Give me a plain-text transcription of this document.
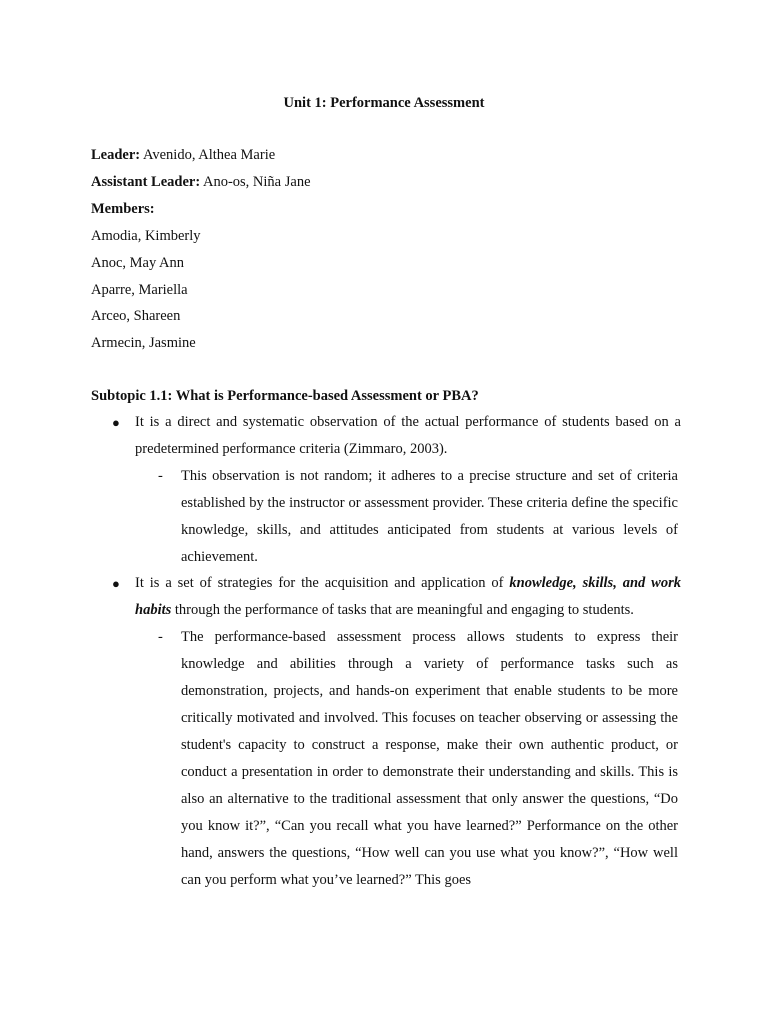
Unit 1: Performance Assessment
Leader: Avenido, Althea Marie
Assistant Leader: Ano-os, Niña Jane
Members:
Amodia, Kimberly
Anoc, May Ann
Aparre, Mariella
Arceo, Shareen
Armecin, Jasmine
Subtopic 1.1: What is Performance-based Assessment or PBA?
● It is a direct and systematic observation of the actual performance of students based on a predetermined performance criteria (Zimmaro, 2003).
- This observation is not random; it adheres to a precise structure and set of criteria established by the instructor or assessment provider. These criteria define the specific knowledge, skills, and attitudes anticipated from students at various levels of achievement.
● It is a set of strategies for the acquisition and application of knowledge, skills, and work habits through the performance of tasks that are meaningful and engaging to students.
- The performance-based assessment process allows students to express their knowledge and abilities through a variety of performance tasks such as demonstration, projects, and hands-on experiment that enable students to be more critically motivated and involved. This focuses on teacher observing or assessing the student's capacity to construct a response, make their own authentic product, or conduct a presentation in order to demonstrate their understanding and skills. This is also an alternative to the traditional assessment that only answer the questions, “Do you know it?”, “Can you recall what you have learned?” Performance on the other hand, answers the questions, “How well can you use what you know?”, “How well can you perform what you’ve learned?” This goes
